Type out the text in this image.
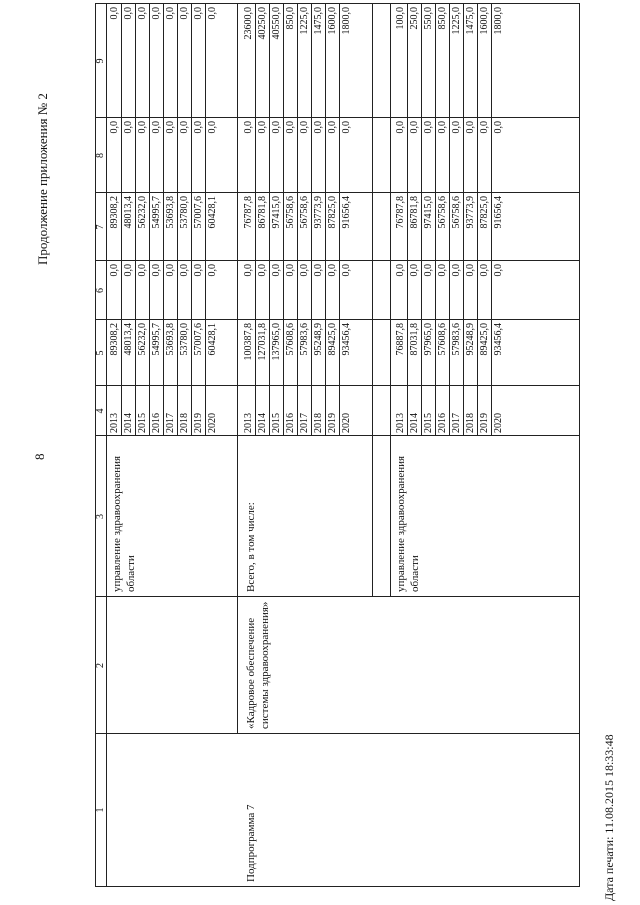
8
Продолжение приложения № 2
1
2
3
4
5
6
7
8
9
Подпрограмма 7
«Кадровое обеспечение системы здравоохранения»
управление здравоохранения области	Всего, в том числе:	управление здравоохранения области
2013
89308,2
0,0
89308,2
0,0
0,0
2014
48013,4
0,0
48013,4
0,0
0,0
2015
56232,0
0,0
56232,0
0,0
0,0
2016
54995,7
0,0
54995,7
0,0
0,0
2017
53693,8
0,0
53693,8
0,0
0,0
2018
53780,0
0,0
53780,0
0,0
0,0
2019
57007,6
0,0
57007,6
0,0
0,0
2020
60428,1
0,0
60428,1
0,0
0,0
2013
100387,8
0,0
76787,8
0,0
23600,0
2014
127031,8
0,0
86781,8
0,0
40250,0
2015
137965,0
0,0
97415,0
0,0
40550,0
2016
57608,6
0,0
56758,6
0,0
850,0
2017
57983,6
0,0
56758,6
0,0
1225,0
2018
95248,9
0,0
93773,9
0,0
1475,0
2019
89425,0
0,0
87825,0
0,0
1600,0
2020
93456,4
0,0
91656,4
0,0
1800,0
2013
76887,8
0,0
76787,8
0,0
100,0
2014
87031,8
0,0
86781,8
0,0
250,0
2015
97965,0
0,0
97415,0
0,0
550,0
2016
57608,6
0,0
56758,6
0,0
850,0
2017
57983,6
0,0
56758,6
0,0
1225,0
2018
95248,9
0,0
93773,9
0,0
1475,0
2019
89425,0
0,0
87825,0
0,0
1600,0
2020
93456,4
0,0
91656,4
0,0
1800,0
Дата печати: 11.08.2015 18:33:48
